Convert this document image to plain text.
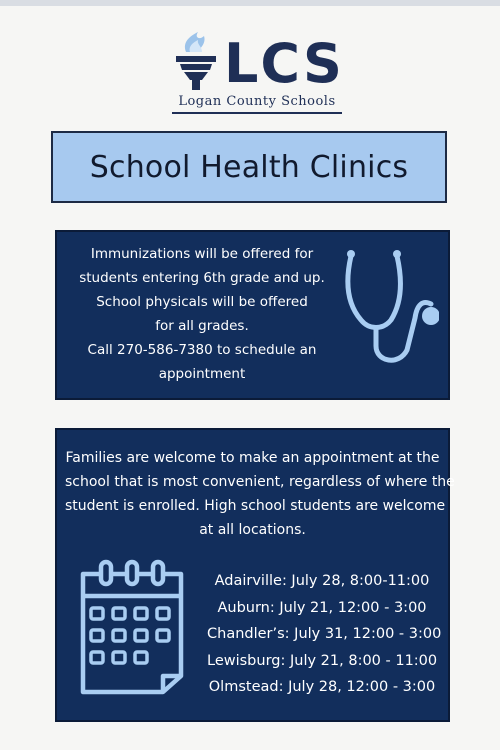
LCS
Logan County Schools
School Health Clinics
Immunizations will be offered for
students entering 6th grade and up.
School physicals will be offered
for all grades.
Call 270-586-7380 to schedule an
appointment
Families are welcome to make an appointment at the
school that is most convenient, regardless of where the
student is enrolled. High school students are welcome
at all locations.
Adairville: July 28, 8:00-11:00
Auburn: July 21, 12:00 - 3:00
Chandler’s: July 31, 12:00 - 3:00
Lewisburg: July 21, 8:00 - 11:00
Olmstead: July 28, 12:00 - 3:00
